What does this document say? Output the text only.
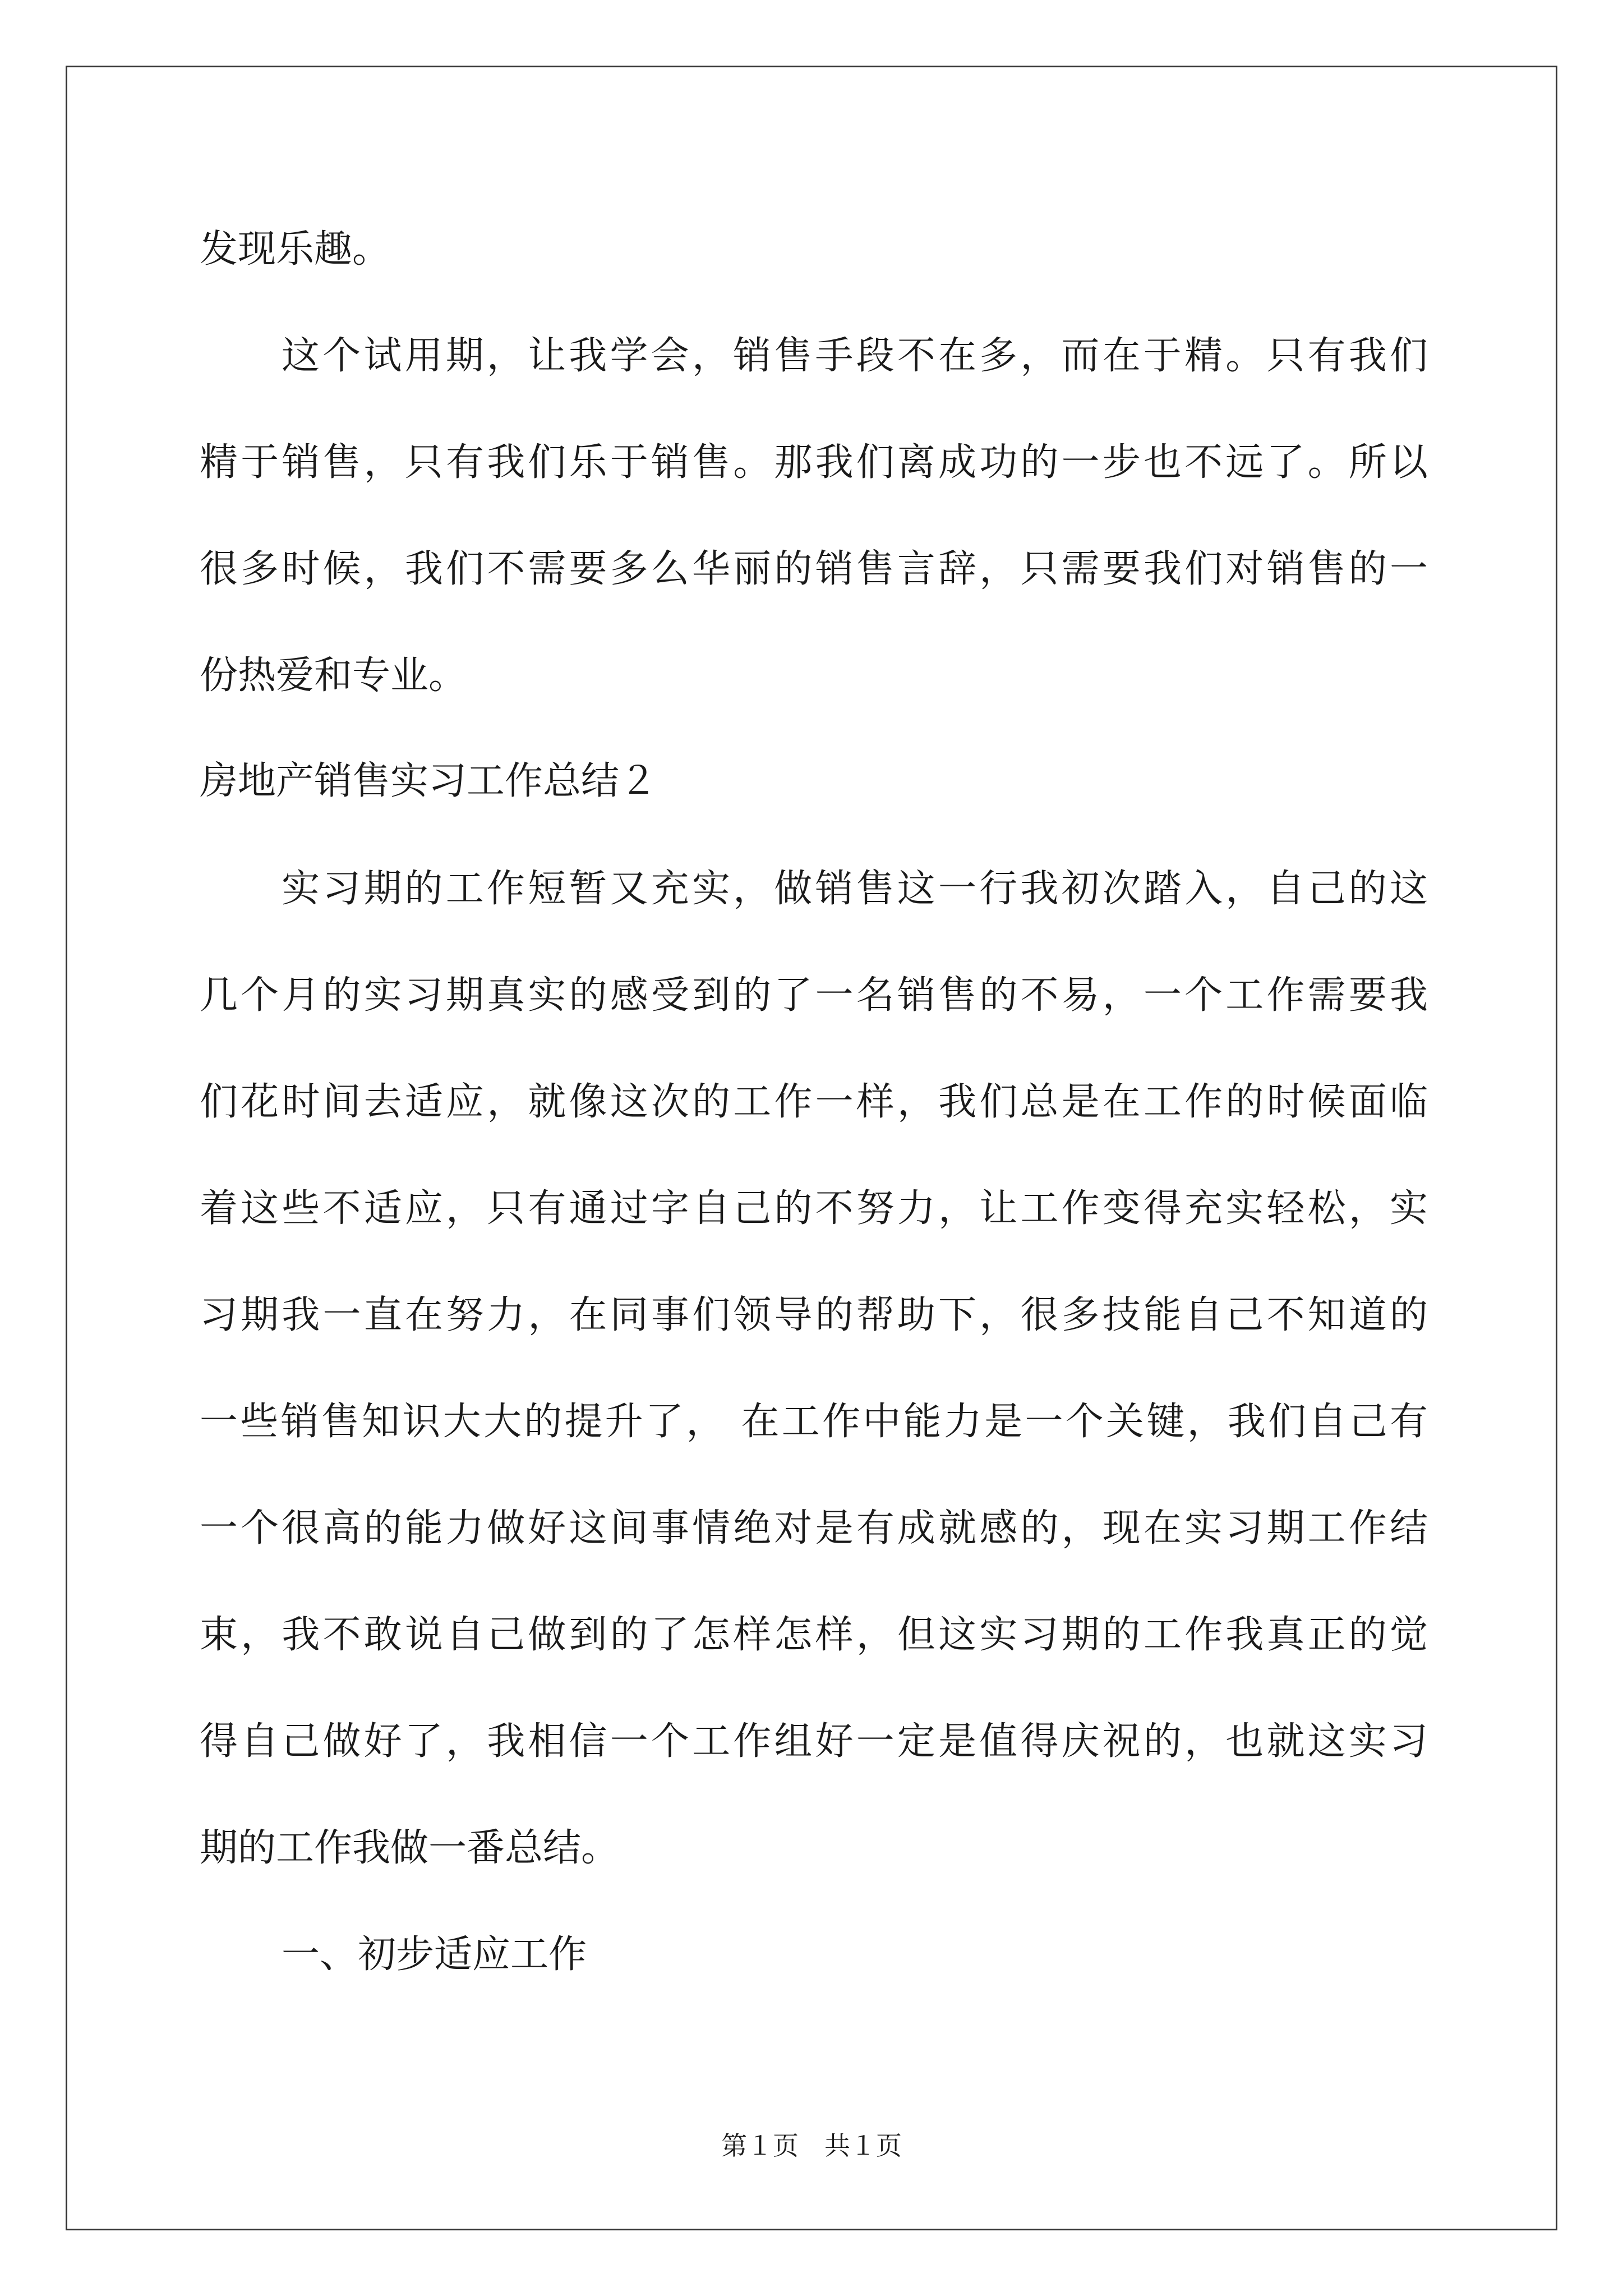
发现乐趣。
这个试用期，让我学会，销售手段不在多，而在于精。只有我们
精于销售，只有我们乐于销售。那我们离成功的一步也不远了。所以
很多时候，我们不需要多么华丽的销售言辞，只需要我们对销售的一
份热爱和专业。
房地产销售实习工作总结２
实习期的工作短暂又充实，做销售这一行我初次踏入，自己的这
几个月的实习期真实的感受到的了一名销售的不易，一个工作需要我
们花时间去适应，就像这次的工作一样，我们总是在工作的时候面临
着这些不适应，只有通过字自己的不努力，让工作变得充实轻松，实
习期我一直在努力，在同事们领导的帮助下，很多技能自己不知道的
一些销售知识大大的提升了， 在工作中能力是一个关键，我们自己有
一个很高的能力做好这间事情绝对是有成就感的，现在实习期工作结
束，我不敢说自己做到的了怎样怎样，但这实习期的工作我真正的觉
得自己做好了，我相信一个工作组好一定是值得庆祝的，也就这实习
期的工作我做一番总结。
一、初步适应工作
第１页　共１页
